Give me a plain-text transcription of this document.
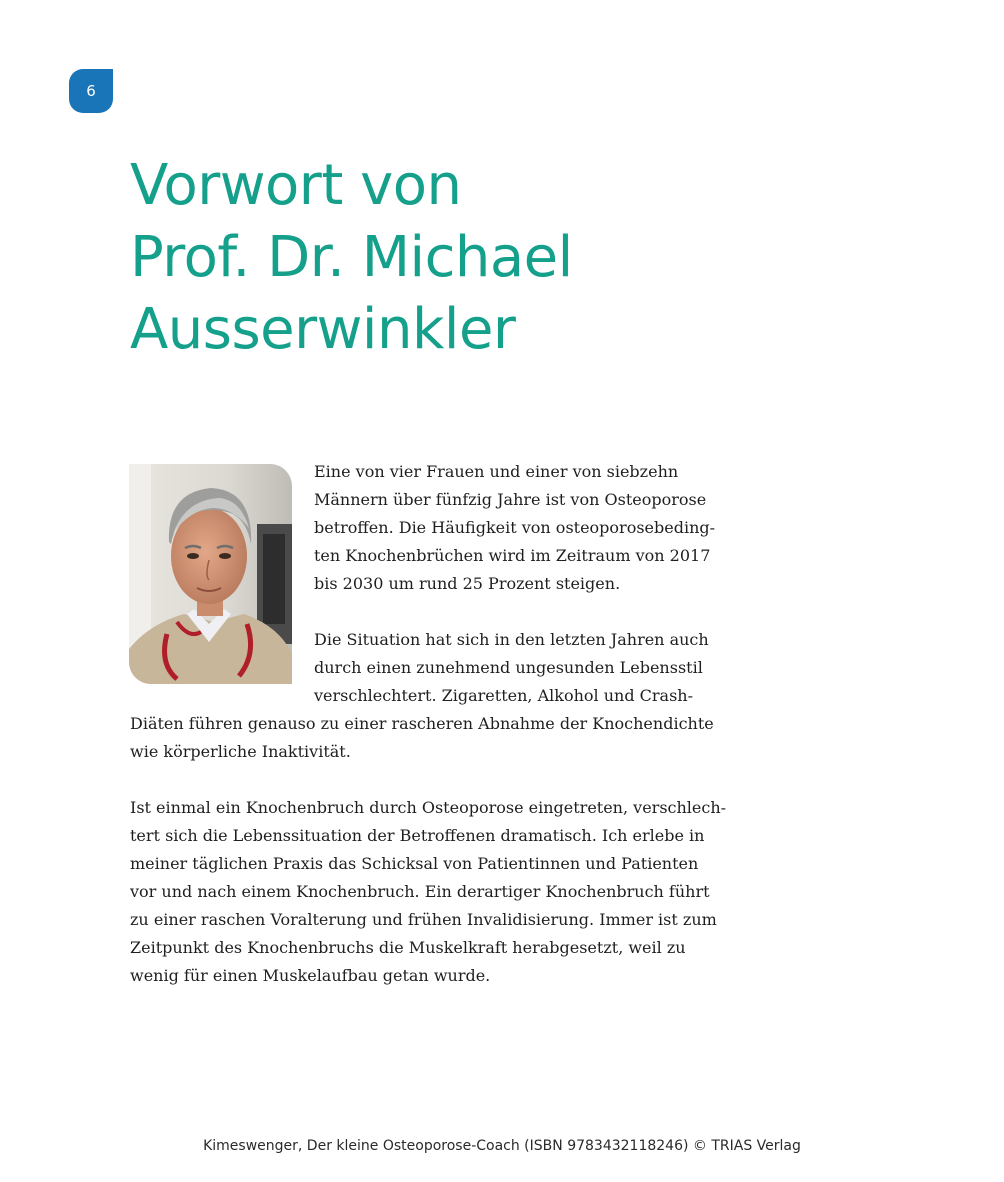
6
Vorwort von
Prof. Dr. Michael
Ausserwinkler
Eine von vier Frauen und einer von siebzehn
Männern über fünfzig Jahre ist von Osteoporose
betroffen. Die Häufigkeit von osteoporosebeding-
ten Knochenbrüchen wird im Zeitraum von 2017
bis 2030 um rund 25 Prozent steigen.
Die Situation hat sich in den letzten Jahren auch
durch einen zunehmend ungesunden Lebensstil
verschlechtert. Zigaretten, Alkohol und Crash-
Diäten führen genauso zu einer rascheren Abnahme der Knochendichte
wie körperliche Inaktivität.
Ist einmal ein Knochenbruch durch Osteoporose eingetreten, verschlech-
tert sich die Lebenssituation der Betroffenen dramatisch. Ich erlebe in
meiner täglichen Praxis das Schicksal von Patientinnen und Patienten
vor und nach einem Knochenbruch. Ein derartiger Knochenbruch führt
zu einer raschen Voralterung und frühen Invalidisierung. Immer ist zum
Zeitpunkt des Knochenbruchs die Muskelkraft herabgesetzt, weil zu
wenig für einen Muskelaufbau getan wurde.
Kimeswenger, Der kleine Osteoporose-Coach (ISBN 9783432118246) © TRIAS Verlag
